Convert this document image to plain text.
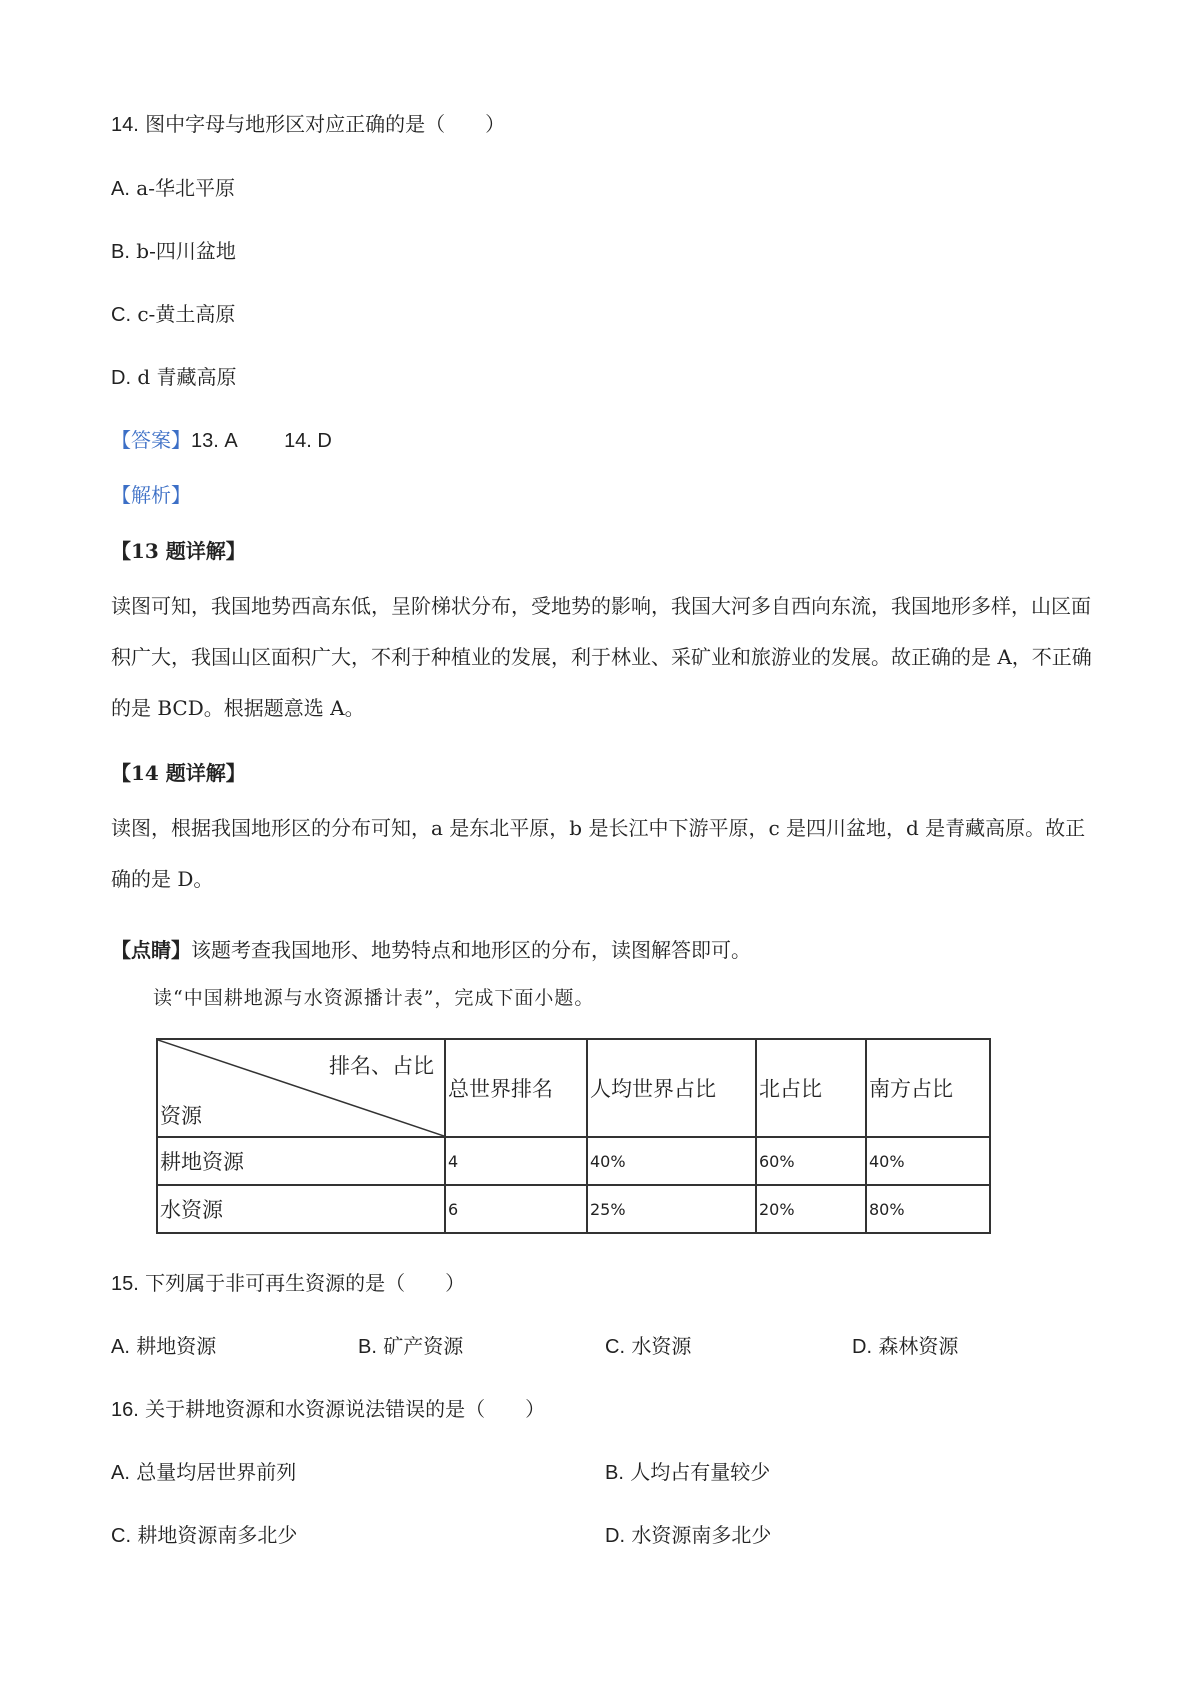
14. 图中字母与地形区对应正确的是（　　）
A. a-华北平原
B. b-四川盆地
C. c-黄土高原
D. d 青藏高原
【答案】13. A 14. D
【解析】
【13 题详解】
读图可知，我国地势西高东低，呈阶梯状分布，受地势的影响，我国大河多自西向东流，我国地形多样，山区面积广大，我国山区面积广大，不利于种植业的发展，利于林业、采矿业和旅游业的发展。故正确的是 A，不正确的是 BCD。根据题意选 A。
【14 题详解】
读图，根据我国地形区的分布可知，a 是东北平原，b 是长江中下游平原，c 是四川盆地，d 是青藏高原。故正确的是 D。
【点睛】该题考查我国地形、地势特点和地形区的分布，读图解答即可。
读“中国耕地源与水资源播计表”，完成下面小题。
排名、占比
资源	总世界排名	人均世界占比	北占比	南方占比
耕地资源	4	40%	60%	40%
水资源	6	25%	20%	80%
15. 下列属于非可再生资源的是（　　）
A. 耕地资源	B. 矿产资源	C. 水资源	D. 森林资源
16. 关于耕地资源和水资源说法错误的是（　　）
A. 总量均居世界前列	B. 人均占有量较少
C. 耕地资源南多北少	D. 水资源南多北少
